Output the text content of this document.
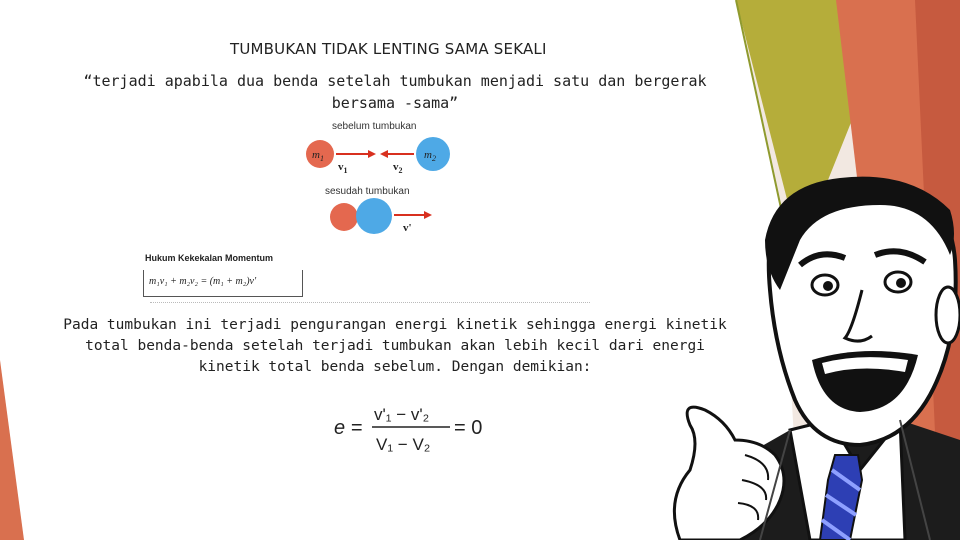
TUMBUKAN TIDAK LENTING SAMA SEKALI
“terjadi apabila dua benda setelah tumbukan menjadi satu dan bergerak bersama -sama”
sebelum tumbukan
$m_1$	$m_2$
$v_1$	$v_2$
sesudah tumbukan
v'
Hukum Kekekalan Momentum
m₁v₁ + m₂v₂ = (m₁ + m₂)v'
Pada tumbukan ini terjadi pengurangan energi kinetik sehingga energi kinetik total benda-benda setelah terjadi tumbukan akan lebih kecil dari energi kinetik total benda sebelum. Dengan demikian:
e =
v'₁ − v'₂
V₁ − V₂
= 0
